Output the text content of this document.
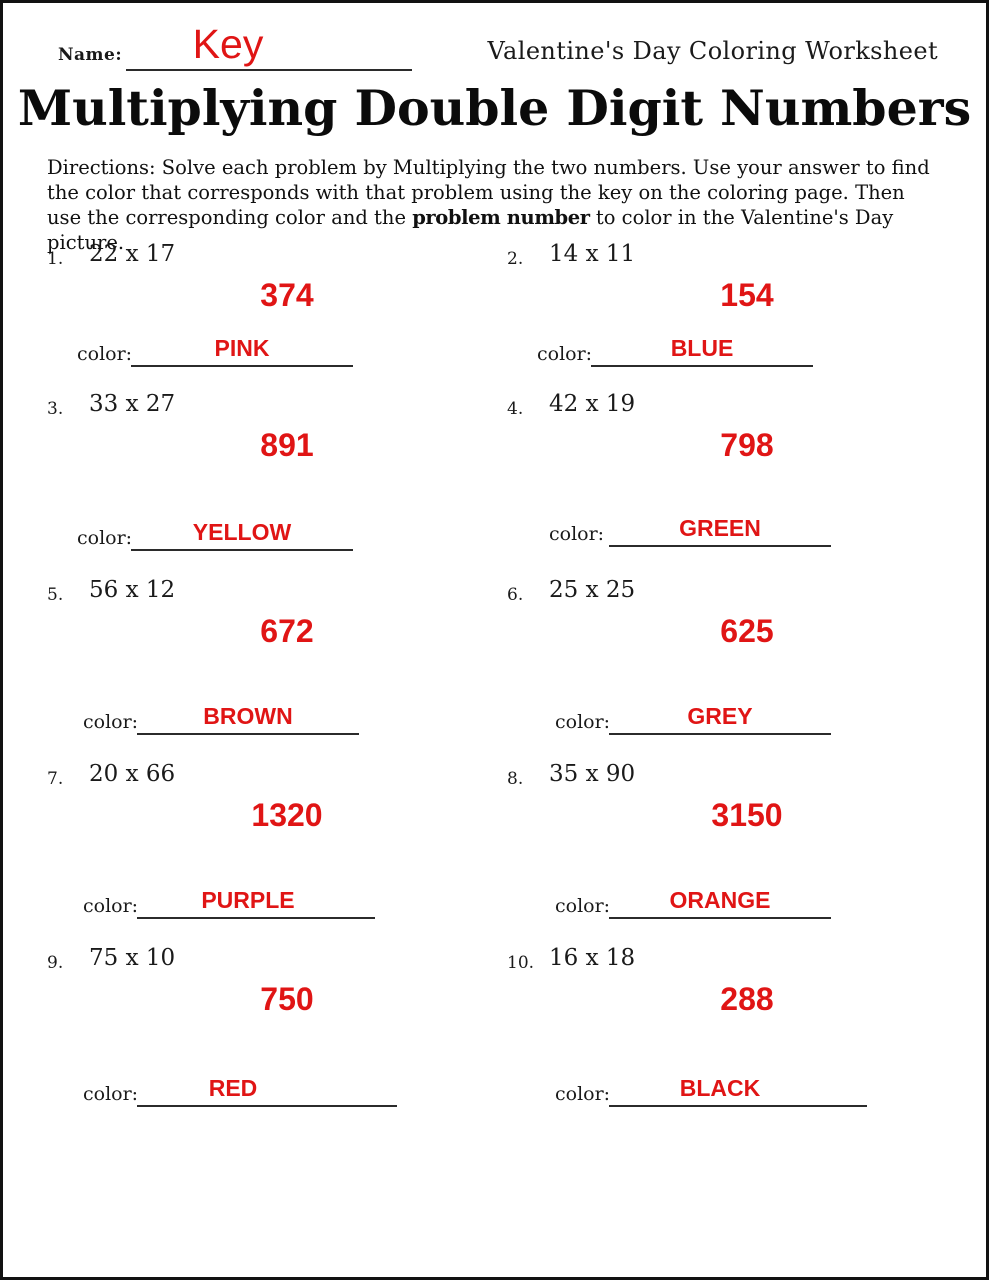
Name:	Key	Valentine's Day Coloring Worksheet
Multiplying Double Digit Numbers
Directions: Solve each problem by Multiplying the two numbers. Use your answer to find the color that corresponds with that problem using the key on the coloring page. Then use the corresponding color and the problem number to color in the Valentine's Day picture.
1. 22 x 17
374
color:	PINK
2. 14 x 11
154
color:	BLUE
3. 33 x 27
891
color:	YELLOW
4. 42 x 19
798
color:	GREEN
5. 56 x 12
672
color:	BROWN
6. 25 x 25
625
color:	GREY
7. 20 x 66
1320
color:	PURPLE
8. 35 x 90
3150
color:	ORANGE
9. 75 x 10
750
color:	RED
10. 16 x 18
288
color:	BLACK
